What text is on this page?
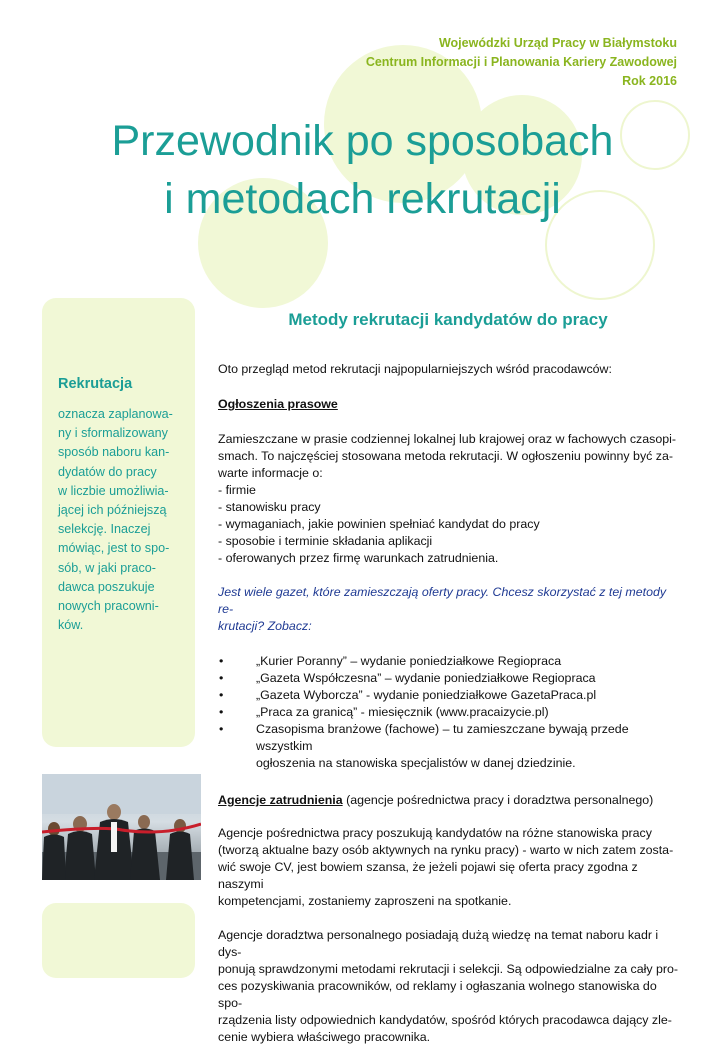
Wojewódzki Urząd Pracy w Białymstoku
Centrum Informacji i Planowania Kariery Zawodowej
Rok 2016
Przewodnik po sposobach
i metodach rekrutacji
Rekrutacja
oznacza zaplanowa-
ny i sformalizowany
sposób naboru kan-
dydatów do pracy
w liczbie umożliwia-
jącej ich późniejszą
selekcję. Inaczej
mówiąc, jest to spo-
sób, w jaki praco-
dawca poszukuje
nowych pracowni-
ków.
Metody rekrutacji kandydatów do pracy

Oto przegląd metod rekrutacji najpopularniejszych wśród pracodawców:

Ogłoszenia prasowe

Zamieszczane w prasie codziennej lokalnej lub krajowej oraz w fachowych czasopi-
smach. To najczęściej stosowana metoda rekrutacji. W ogłoszeniu powinny być za-
warte informacje o:
- firmie
- stanowisku pracy
- wymaganiach, jakie powinien spełniać kandydat do pracy
- sposobie i terminie składania aplikacji
- oferowanych przez firmę warunkach zatrudnienia.
Jest wiele gazet, które zamieszczają oferty pracy. Chcesz skorzystać z tej metody re-
krutacji? Zobacz:
• „Kurier Poranny” – wydanie poniedziałkowe Regiopraca
• „Gazeta Współczesna” – wydanie poniedziałkowe Regiopraca
• „Gazeta Wyborcza” - wydanie poniedziałkowe GazetaPraca.pl
• „Praca za granicą” - miesięcznik (www.pracaizycie.pl)
• Czasopisma branżowe (fachowe) – tu zamieszczane bywają przede wszystkim
ogłoszenia na stanowiska specjalistów w danej dziedzinie.

Agencje zatrudnienia (agencje pośrednictwa pracy i doradztwa personalnego)

Agencje pośrednictwa pracy poszukują kandydatów na różne stanowiska pracy
(tworzą aktualne bazy osób aktywnych na rynku pracy) - warto w nich zatem zosta-
wić swoje CV, jest bowiem szansa, że jeżeli pojawi się oferta pracy zgodna z naszymi
kompetencjami, zostaniemy zaproszeni na spotkanie.
Agencje doradztwa personalnego posiadają dużą wiedzę na temat naboru kadr i dys-
ponują sprawdzonymi metodami rekrutacji i selekcji. Są odpowiedzialne za cały pro-
ces pozyskiwania pracowników, od reklamy i ogłaszania wolnego stanowiska do spo-
rządzenia listy odpowiednich kandydatów, spośród których pracodawca dający zle-
cenie wybiera właściwego pracownika.
